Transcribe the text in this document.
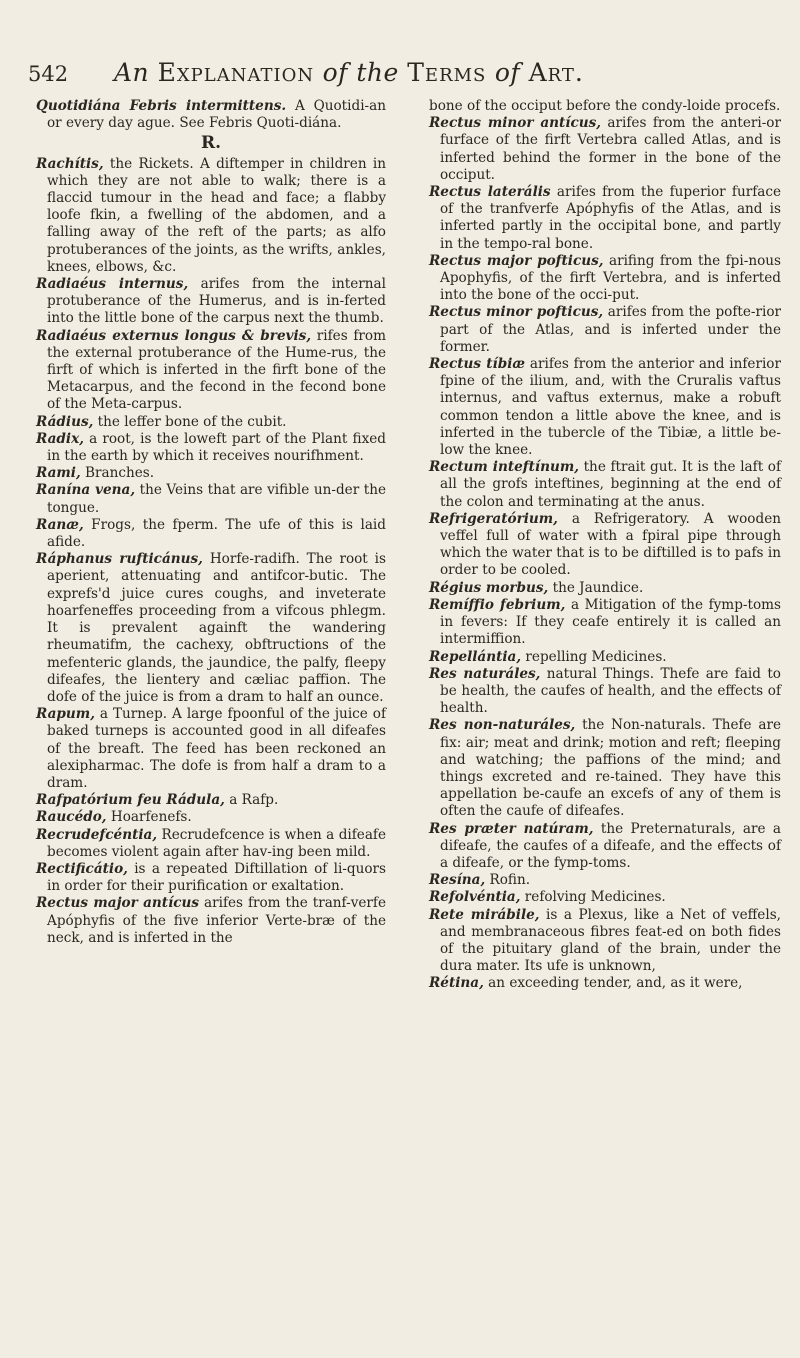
542 An Explanation of the Terms of Art.
Quotidiána Febris intermittens. A Quotidi-an or every day ague. See Febris Quoti-diána.
R.
Rachítis, the Rickets. A diftemper in children in which they are not able to walk; there is a flaccid tumour in the head and face; a flabby loofe fkin, a fwelling of the abdomen, and a falling away of the reft of the parts; as alfo protuberances of the joints, as the wrifts, ankles, knees, elbows, &c.
Radiaéus internus, arifes from the internal protuberance of the Humerus, and is in-ferted into the little bone of the carpus next the thumb.
Radiaéus externus longus & brevis, rifes from the external protuberance of the Hume-rus, the firft of which is inferted in the firft bone of the Metacarpus, and the fecond in the fecond bone of the Meta-carpus.
Rádius, the leffer bone of the cubit.
Radix, a root, is the loweft part of the Plant fixed in the earth by which it receives nourifhment.
Rami, Branches.
Ranína vena, the Veins that are vifible un-der the tongue.
Ranæ, Frogs, the fperm. The ufe of this is laid afide.
Ráphanus rufticánus, Horfe-radifh. The root is aperient, attenuating and antifcor-butic. The exprefs'd juice cures coughs, and inveterate hoarfeneffes proceeding from a vifcous phlegm. It is prevalent againft the wandering rheumatifm, the cachexy, obftructions of the mefenteric glands, the jaundice, the palfy, fleepy difeafes, the lientery and cæliac paffion. The dofe of the juice is from a dram to half an ounce.
Rapum, a Turnep. A large fpoonful of the juice of baked turneps is accounted good in all difeafes of the breaft. The feed has been reckoned an alexipharmac. The dofe is from half a dram to a dram.
Rafpatórium feu Rádula, a Rafp.
Raucédo, Hoarfenefs.
Recrudefcéntia, Recrudefcence is when a difeafe becomes violent again after hav-ing been mild.
Rectificátio, is a repeated Diftillation of li-quors in order for their purification or exaltation.
Rectus major antícus arifes from the tranf-verfe Apóphyfis of the five inferior Verte-bræ of the neck, and is inferted in the
bone of the occiput before the condy-loide procefs.
Rectus minor antícus, arifes from the anteri-or furface of the firft Vertebra called Atlas, and is inferted behind the former in the bone of the occiput.
Rectus laterális arifes from the fuperior furface of the tranfverfe Apóphyfis of the Atlas, and is inferted partly in the occipital bone, and partly in the tempo-ral bone.
Rectus major pofticus, arifing from the fpi-nous Apophyfis, of the firft Vertebra, and is inferted into the bone of the occi-put.
Rectus minor pofticus, arifes from the pofte-rior part of the Atlas, and is inferted under the former.
Rectus tíbiæ arifes from the anterior and inferior fpine of the ilium, and, with the Cruralis vaftus internus, and vaftus externus, make a robuft common tendon a little above the knee, and is inferted in the tubercle of the Tibiæ, a little be-low the knee.
Rectum inteftínum, the ftrait gut. It is the laft of all the grofs inteftines, beginning at the end of the colon and terminating at the anus.
Refrigeratórium, a Refrigeratory. A wooden veffel full of water with a fpiral pipe through which the water that is to be diftilled is to pafs in order to be cooled.
Régius morbus, the Jaundice.
Remíffio febrium, a Mitigation of the fymp-toms in fevers: If they ceafe entirely it is called an intermiffion.
Repellántia, repelling Medicines.
Res naturáles, natural Things. Thefe are faid to be health, the caufes of health, and the effects of health.
Res non-naturáles, the Non-naturals. Thefe are fix: air; meat and drink; motion and reft; fleeping and watching; the paffions of the mind; and things excreted and re-tained. They have this appellation be-caufe an excefs of any of them is often the caufe of difeafes.
Res præter natúram, the Preternaturals, are a difeafe, the caufes of a difeafe, and the effects of a difeafe, or the fymp-toms.
Resína, Rofin.
Refolvéntia, refolving Medicines.
Rete mirábile, is a Plexus, like a Net of veffels, and membranaceous fibres feat-ed on both fides of the pituitary gland of the brain, under the dura mater. Its ufe is unknown,
Rétina, an exceeding tender, and, as it were,
